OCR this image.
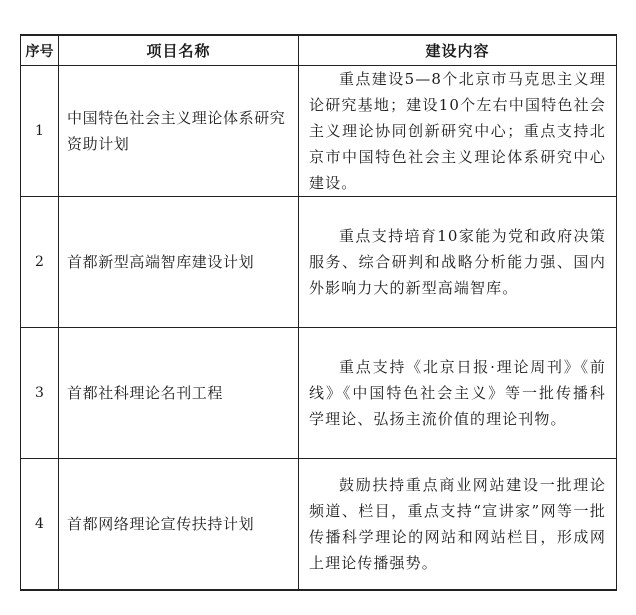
序号	项目名称	建设内容
1	中国特色社会主义理论体系研究资助计划	重点建设5—8个北京市马克思主义理论研究基地；建设10个左右中国特色社会主义理论协同创新研究中心；重点支持北京市中国特色社会主义理论体系研究中心建设。
2	首都新型高端智库建设计划	重点支持培育10家能为党和政府决策服务、综合研判和战略分析能力强、国内外影响力大的新型高端智库。
3	首都社科理论名刊工程	重点支持《北京日报·理论周刊》《前线》《中国特色社会主义》等一批传播科学理论、弘扬主流价值的理论刊物。
4	首都网络理论宣传扶持计划	鼓励扶持重点商业网站建设一批理论频道、栏目，重点支持“宣讲家”网等一批传播科学理论的网站和网站栏目，形成网上理论传播强势。
